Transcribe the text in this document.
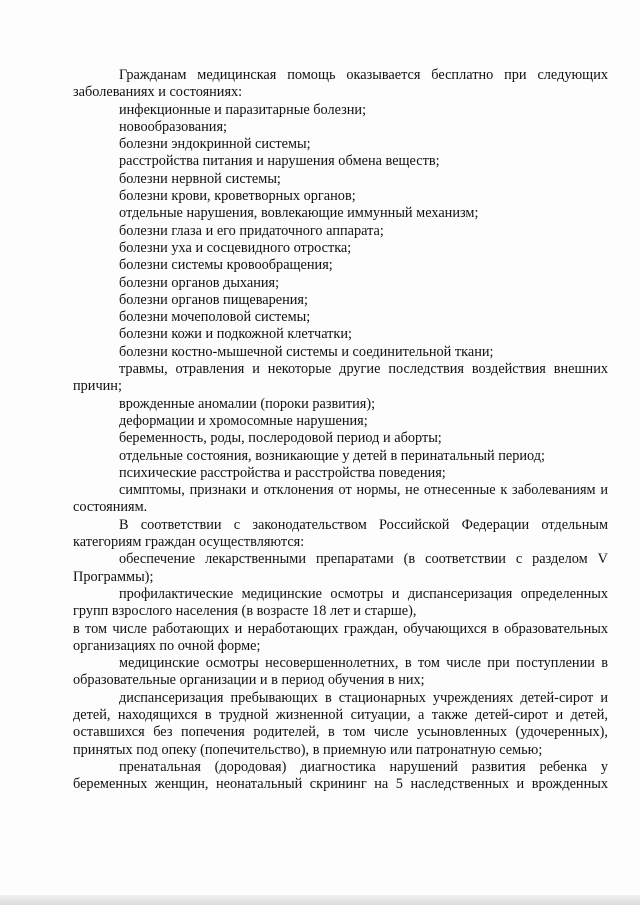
Гражданам медицинская помощь оказывается бесплатно при следующих заболеваниях и состояниях:

инфекционные и паразитарные болезни;

новообразования;

болезни эндокринной системы;

расстройства питания и нарушения обмена веществ;

болезни нервной системы;

болезни крови, кроветворных органов;

отдельные нарушения, вовлекающие иммунный механизм;

болезни глаза и его придаточного аппарата;

болезни уха и сосцевидного отростка;

болезни системы кровообращения;

болезни органов дыхания;

болезни органов пищеварения;

болезни мочеполовой системы;

болезни кожи и подкожной клетчатки;

болезни костно-мышечной системы и соединительной ткани;

травмы, отравления и некоторые другие последствия воздействия внешних причин;

врожденные аномалии (пороки развития);

деформации и хромосомные нарушения;

беременность, роды, послеродовой период и аборты;

отдельные состояния, возникающие у детей в перинатальный период;

психические расстройства и расстройства поведения;

симптомы, признаки и отклонения от нормы, не отнесенные к заболеваниям и состояниям.

В соответствии с законодательством Российской Федерации отдельным категориям граждан осуществляются:

обеспечение лекарственными препаратами (в соответствии с разделом V Программы);

профилактические медицинские осмотры и диспансеризация определенных групп взрослого населения (в возрасте 18 лет и старше),

в том числе работающих и неработающих граждан, обучающихся в образовательных организациях по очной форме;

медицинские осмотры несовершеннолетних, в том числе при поступлении в образовательные организации и в период обучения в них;

диспансеризация пребывающих в стационарных учреждениях детей-сирот и детей, находящихся в трудной жизненной ситуации, а также детей-сирот и детей, оставшихся без попечения родителей, в том числе усыновленных (удочеренных), принятых под опеку (попечительство), в приемную или патронатную семью;

пренатальная (дородовая) диагностика нарушений развития ребенка у беременных женщин, неонатальный скрининг на 5 наследственных и врожденных
